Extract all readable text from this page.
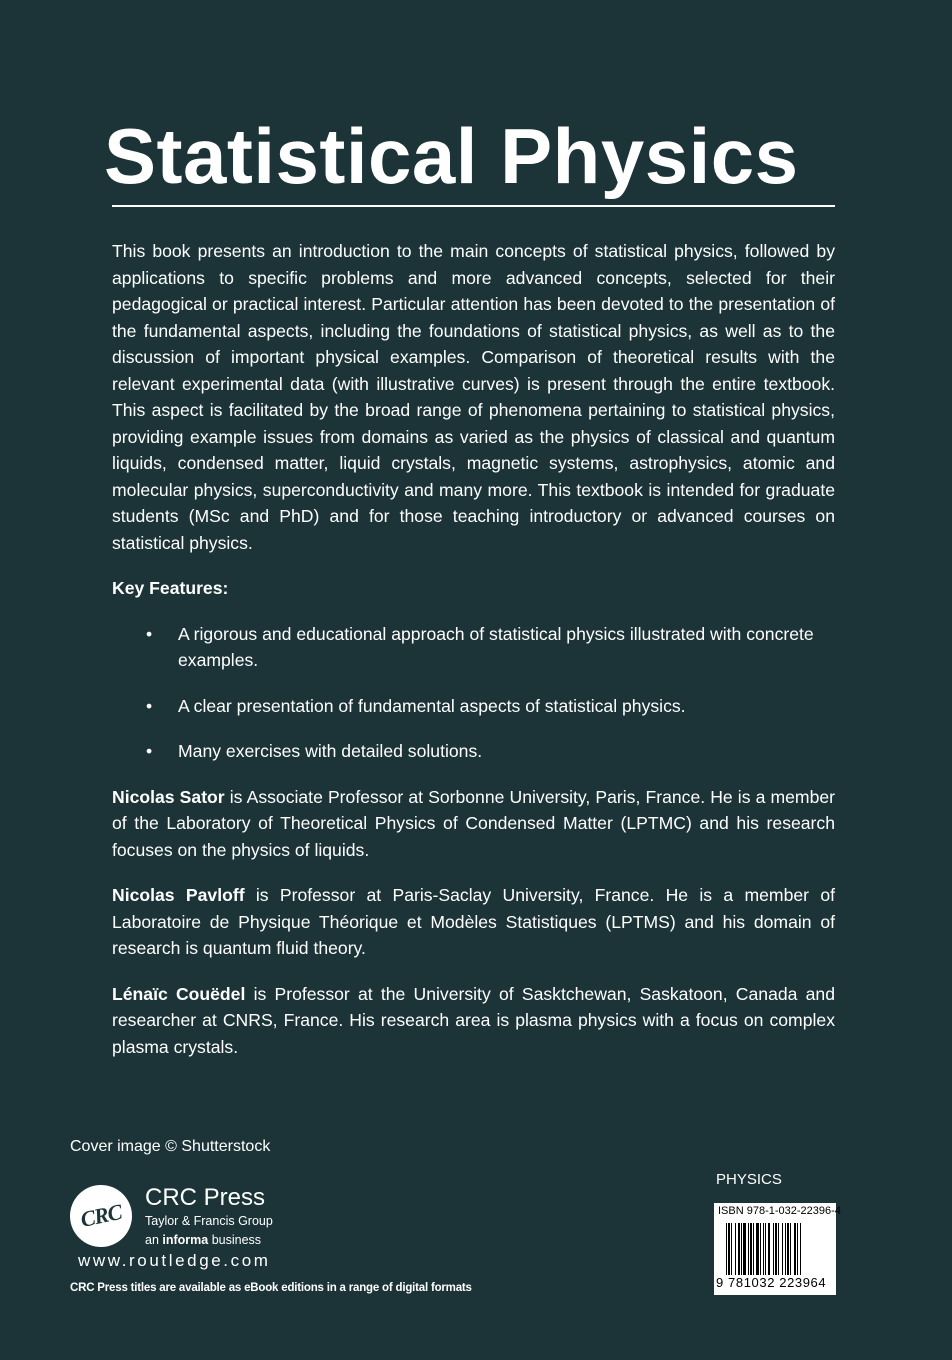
Statistical Physics

This book presents an introduction to the main concepts of statistical physics, followed by applications to specific problems and more advanced concepts, selected for their pedagogical or practical interest. Particular attention has been devoted to the presentation of the fundamental aspects, including the foundations of statistical physics, as well as to the discussion of important physical examples. Comparison of theoretical results with the relevant experimental data (with illustrative curves) is present through the entire textbook. This aspect is facilitated by the broad range of phenomena pertaining to statistical physics, providing example issues from domains as varied as the physics of classical and quantum liquids, condensed matter, liquid crystals, magnetic systems, astrophysics, atomic and molecular physics, superconductivity and many more. This textbook is intended for graduate students (MSc and PhD) and for those teaching introductory or advanced courses on statistical physics.

Key Features:

• A rigorous and educational approach of statistical physics illustrated with concrete examples.
• A clear presentation of fundamental aspects of statistical physics.
• Many exercises with detailed solutions.

Nicolas Sator is Associate Professor at Sorbonne University, Paris, France. He is a member of the Laboratory of Theoretical Physics of Condensed Matter (LPTMC) and his research focuses on the physics of liquids.

Nicolas Pavloff is Professor at Paris-Saclay University, France. He is a member of Laboratoire de Physique Théorique et Modèles Statistiques (LPTMS) and his domain of research is quantum fluid theory.

Lénaïc Couëdel is Professor at the University of Sasktchewan, Saskatoon, Canada and researcher at CNRS, France. His research area is plasma physics with a focus on complex plasma crystals.

Cover image © Shutterstock
CRC
CRC Press
Taylor & Francis Group
an informa business
www.routledge.com
CRC Press titles are available as eBook editions in a range of digital formats
PHYSICS
ISBN 978-1-032-22396-4
9 781032 223964
